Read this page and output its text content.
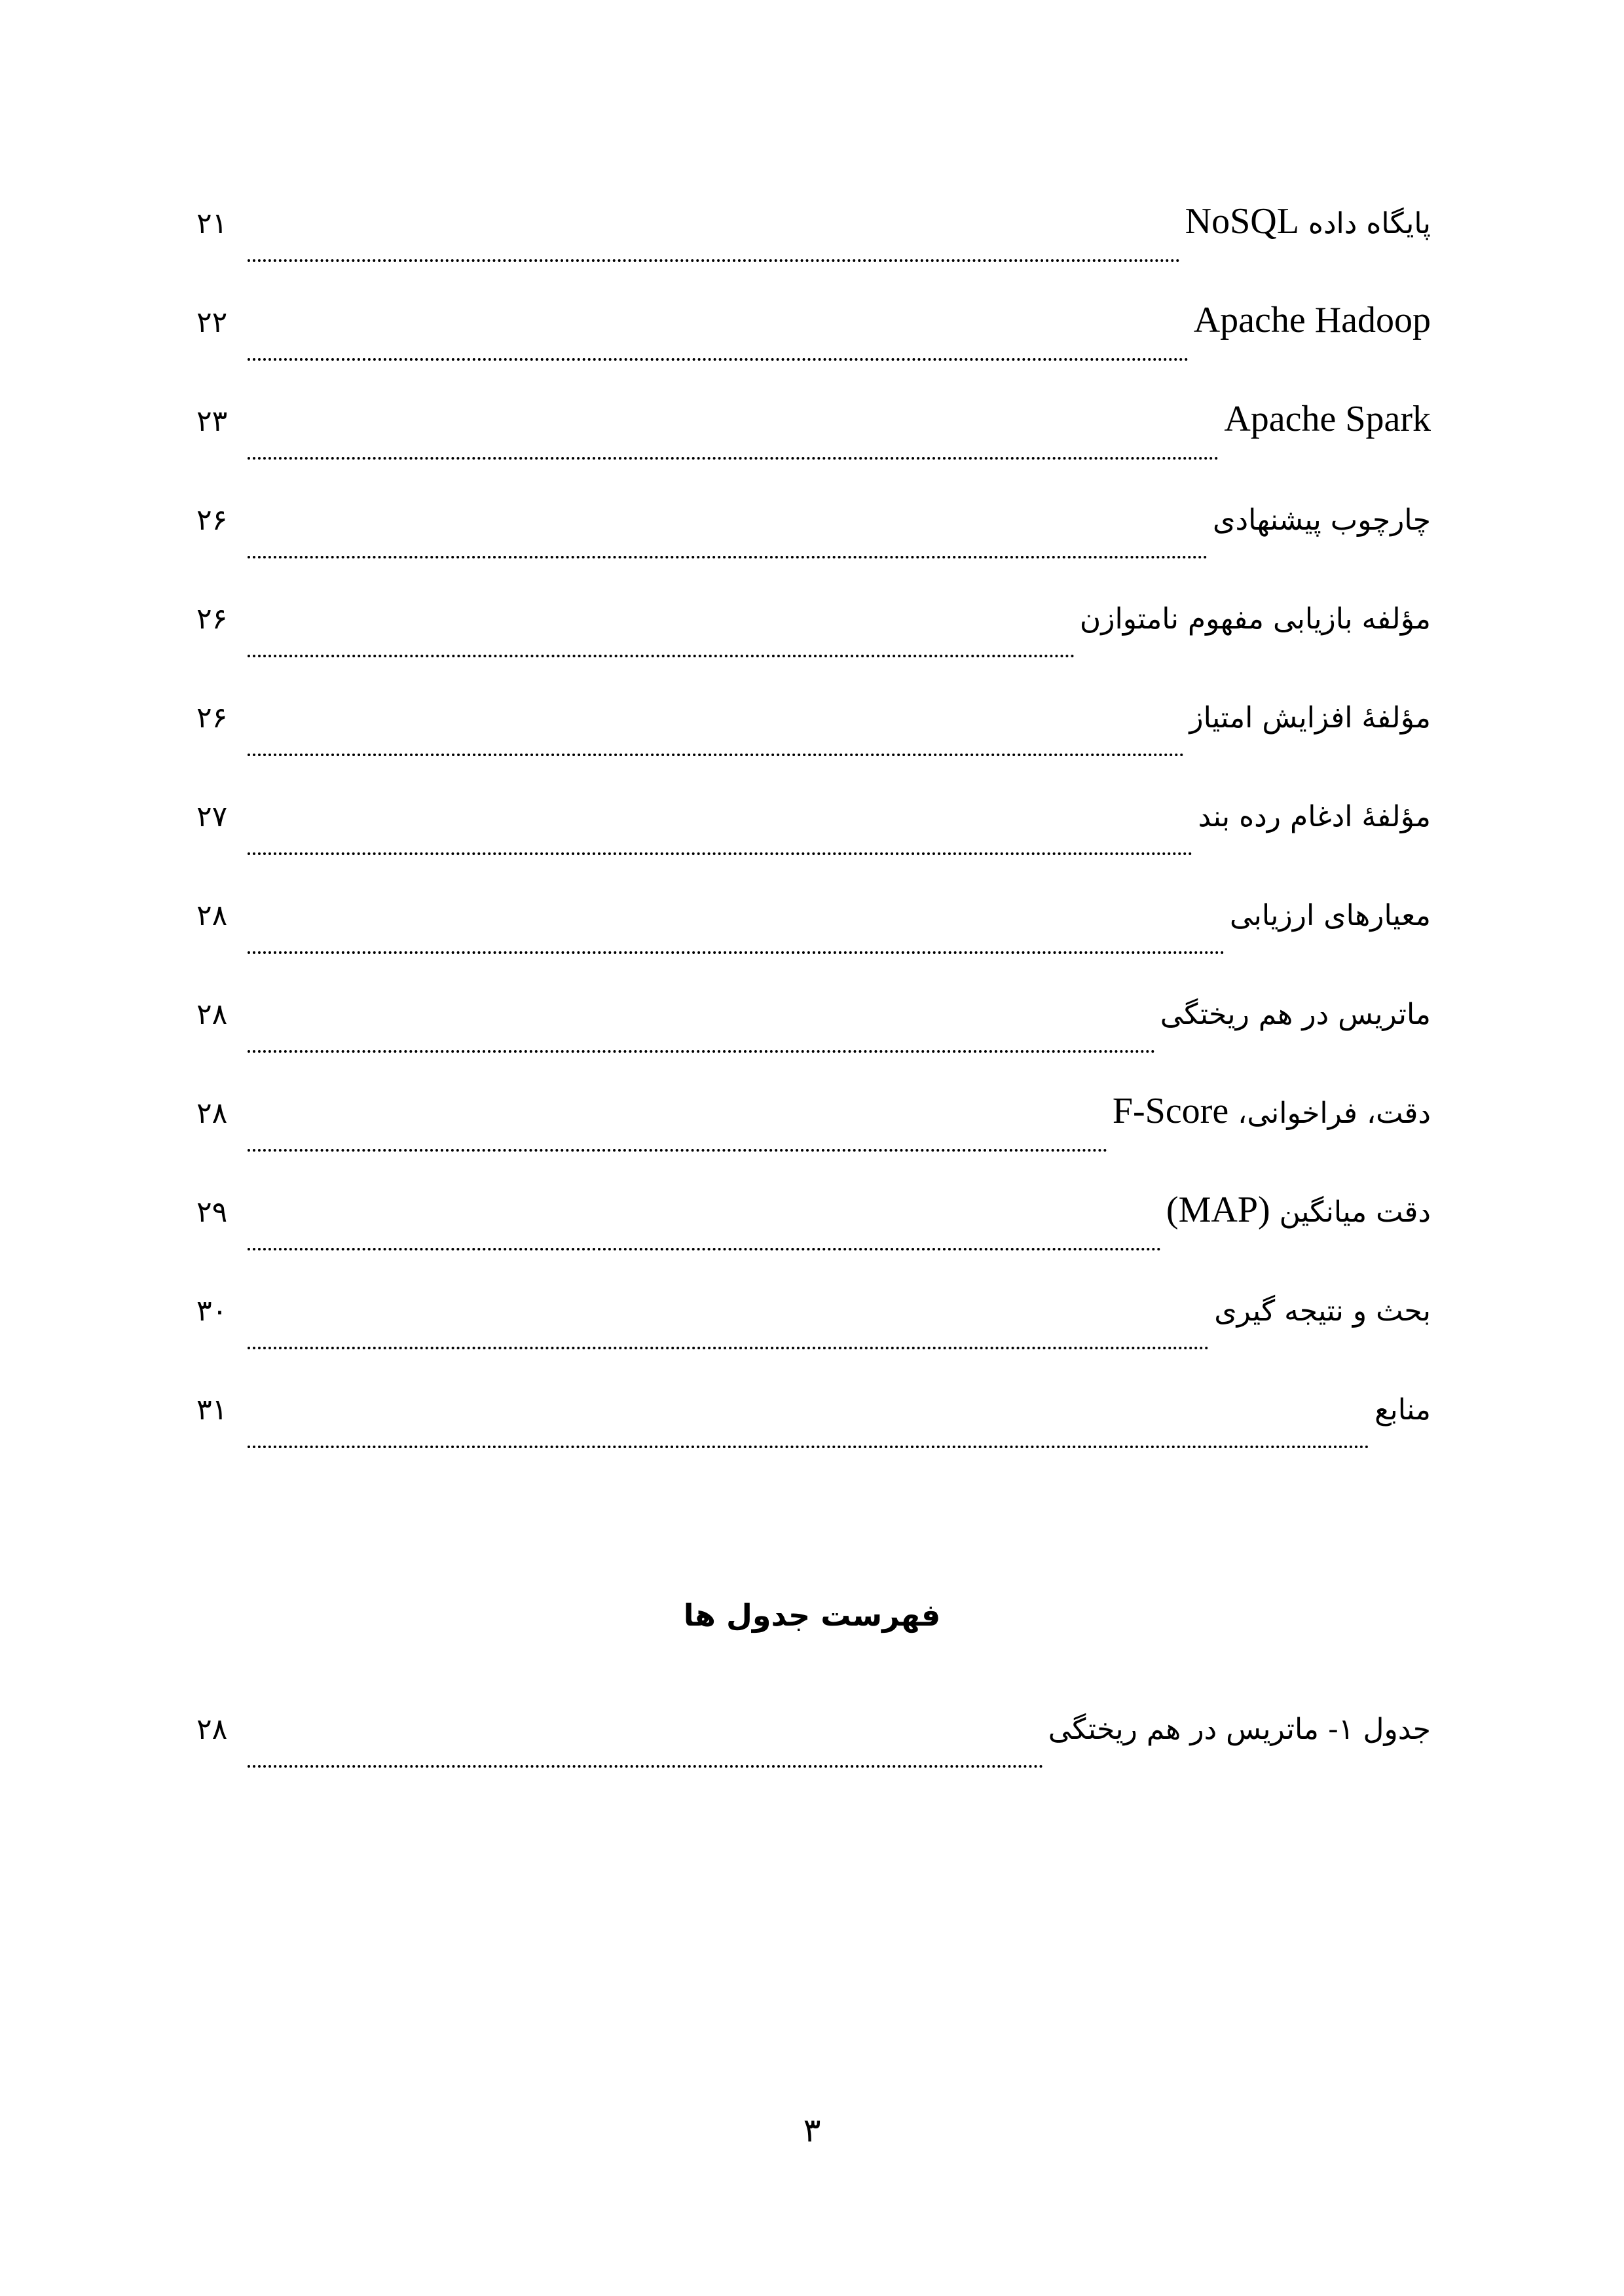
پایگاه داده NoSQL
۲۱
Apache Hadoop
۲۲
Apache Spark
۲۳
چارچوب پیشنهادی
۲۶
مؤلفه بازیابی مفهوم نامتوازن
۲۶
مؤلفۀ افزایش امتیاز
۲۶
مؤلفۀ ادغام رده بند
۲۷
معیارهای ارزیابی
۲۸
ماتریس در هم ریختگی
۲۸
دقت، فراخوانی، F-Score
۲۸
دقت میانگین (MAP)
۲۹
بحث و نتیجه گیری
۳۰
منابع
۳۱
فهرست جدول ها
جدول ۱- ماتریس در هم ریختگی
۲۸
۳
